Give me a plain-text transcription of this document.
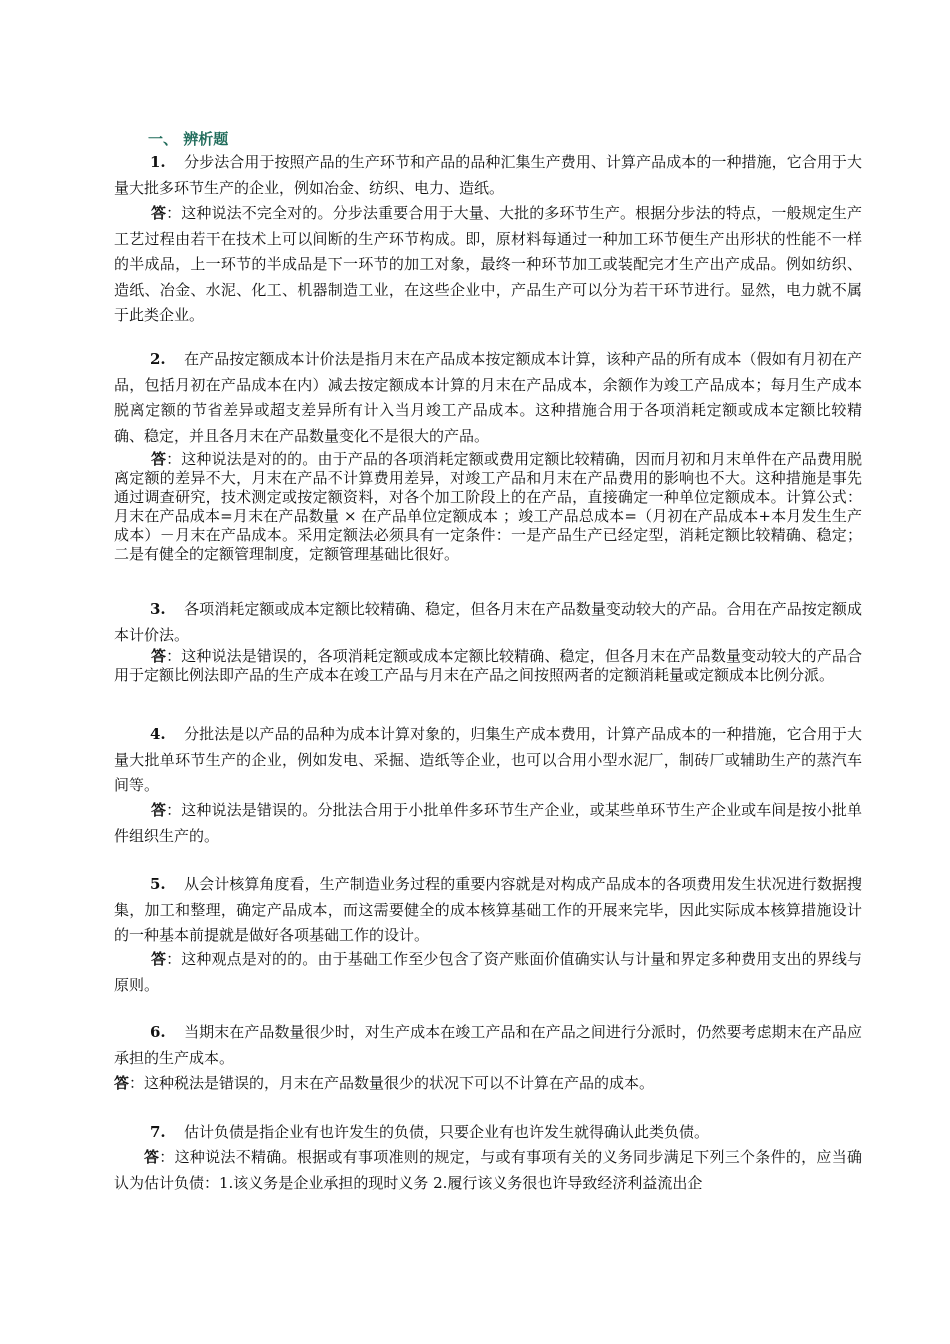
一、 辨析题
1. 分步法合用于按照产品的生产环节和产品的品种汇集生产费用、计算产品成本的一种措施，它合用于大量大批多环节生产的企业，例如冶金、纺织、电力、造纸。
答：这种说法不完全对的。分步法重要合用于大量、大批的多环节生产。根据分步法的特点，一般规定生产工艺过程由若干在技术上可以间断的生产环节构成。即，原材料每通过一种加工环节便生产出形状的性能不一样的半成品，上一环节的半成品是下一环节的加工对象，最终一种环节加工或装配完才生产出产成品。例如纺织、造纸、冶金、水泥、化工、机器制造工业，在这些企业中，产品生产可以分为若干环节进行。显然，电力就不属于此类企业。
2. 在产品按定额成本计价法是指月末在产品成本按定额成本计算，该种产品的所有成本（假如有月初在产品，包括月初在产品成本在内）减去按定额成本计算的月末在产品成本，余额作为竣工产品成本；每月生产成本脱离定额的节省差异或超支差异所有计入当月竣工产品成本。这种措施合用于各项消耗定额或成本定额比较精确、稳定，并且各月末在产品数量变化不是很大的产品。
答：这种说法是对的的。由于产品的各项消耗定额或费用定额比较精确，因而月初和月末单件在产品费用脱离定额的差异不大，月末在产品不计算费用差异，对竣工产品和月末在产品费用的影响也不大。这种措施是事先通过调查研究，技术测定或按定额资料，对各个加工阶段上的在产品，直接确定一种单位定额成本。计算公式：月末在产品成本=月末在产品数量 × 在产品单位定额成本 ；竣工产品总成本=（月初在产品成本+本月发生生产成本）－月末在产品成本。采用定额法必须具有一定条件：一是产品生产已经定型，消耗定额比较精确、稳定；二是有健全的定额管理制度，定额管理基础比很好。
3. 各项消耗定额或成本定额比较精确、稳定，但各月末在产品数量变动较大的产品。合用在产品按定额成本计价法。
答：这种说法是错误的，各项消耗定额或成本定额比较精确、稳定，但各月末在产品数量变动较大的产品合用于定额比例法即产品的生产成本在竣工产品与月末在产品之间按照两者的定额消耗量或定额成本比例分派。
4. 分批法是以产品的品种为成本计算对象的，归集生产成本费用，计算产品成本的一种措施，它合用于大量大批单环节生产的企业，例如发电、采掘、造纸等企业，也可以合用小型水泥厂，制砖厂或辅助生产的蒸汽车间等。
答：这种说法是错误的。分批法合用于小批单件多环节生产企业，或某些单环节生产企业或车间是按小批单件组织生产的。
5. 从会计核算角度看，生产制造业务过程的重要内容就是对构成产品成本的各项费用发生状况进行数据搜集，加工和整理，确定产品成本，而这需要健全的成本核算基础工作的开展来完毕，因此实际成本核算措施设计的一种基本前提就是做好各项基础工作的设计。
答：这种观点是对的的。由于基础工作至少包含了资产账面价值确实认与计量和界定多种费用支出的界线与原则。
6. 当期末在产品数量很少时，对生产成本在竣工产品和在产品之间进行分派时，仍然要考虑期末在产品应承担的生产成本。
答：这种税法是错误的，月末在产品数量很少的状况下可以不计算在产品的成本。
7. 估计负债是指企业有也许发生的负债，只要企业有也许发生就得确认此类负债。
答：这种说法不精确。根据或有事项准则的规定，与或有事项有关的义务同步满足下列三个条件的，应当确认为估计负债：1.该义务是企业承担的现时义务 2.履行该义务很也许导致经济利益流出企
